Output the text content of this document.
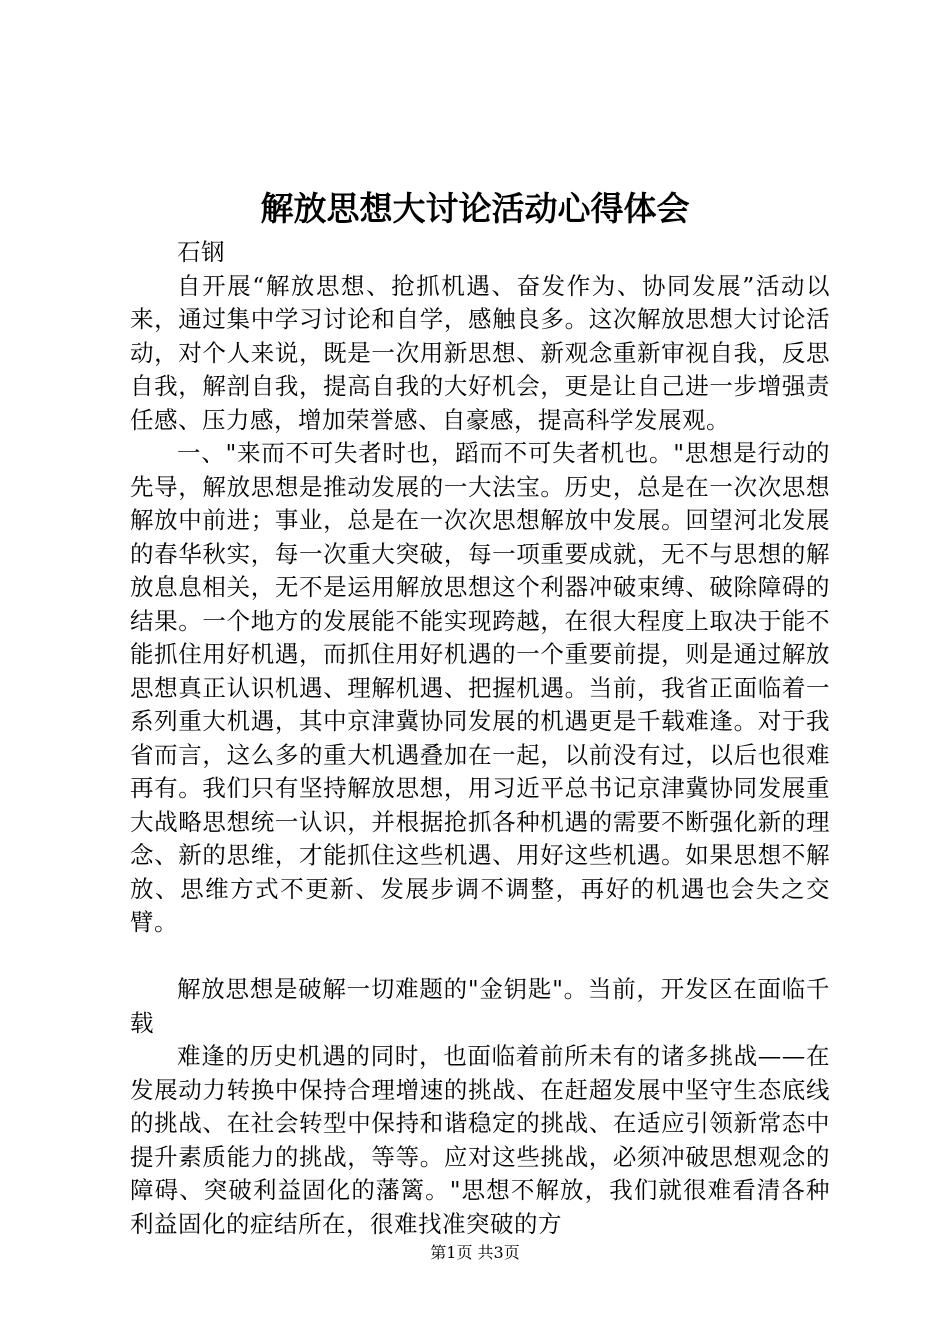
解放思想大讨论活动心得体会

石钢

自开展“解放思想、抢抓机遇、奋发作为、协同发展”活动以来，通过集中学习讨论和自学，感触良多。这次解放思想大讨论活动，对个人来说，既是一次用新思想、新观念重新审视自我，反思自我，解剖自我，提高自我的大好机会，更是让自己进一步增强责任感、压力感，增加荣誉感、自豪感，提高科学发展观。

一、"来而不可失者时也，蹈而不可失者机也。"思想是行动的先导，解放思想是推动发展的一大法宝。历史，总是在一次次思想解放中前进；事业，总是在一次次思想解放中发展。回望河北发展的春华秋实，每一次重大突破，每一项重要成就，无不与思想的解放息息相关，无不是运用解放思想这个利器冲破束缚、破除障碍的结果。一个地方的发展能不能实现跨越，在很大程度上取决于能不能抓住用好机遇，而抓住用好机遇的一个重要前提，则是通过解放思想真正认识机遇、理解机遇、把握机遇。当前，我省正面临着一系列重大机遇，其中京津冀协同发展的机遇更是千载难逢。对于我省而言，这么多的重大机遇叠加在一起，以前没有过，以后也很难再有。我们只有坚持解放思想，用习近平总书记京津冀协同发展重大战略思想统一认识，并根据抢抓各种机遇的需要不断强化新的理念、新的思维，才能抓住这些机遇、用好这些机遇。如果思想不解放、思维方式不更新、发展步调不调整，再好的机遇也会失之交臂。

解放思想是破解一切难题的"金钥匙"。当前，开发区在面临千载

难逢的历史机遇的同时，也面临着前所未有的诸多挑战——在发展动力转换中保持合理增速的挑战、在赶超发展中坚守生态底线的挑战、在社会转型中保持和谐稳定的挑战、在适应引领新常态中提升素质能力的挑战，等等。应对这些挑战，必须冲破思想观念的障碍、突破利益固化的藩篱。"思想不解放，我们就很难看清各种利益固化的症结所在，很难找准突破的方

第1页 共3页
